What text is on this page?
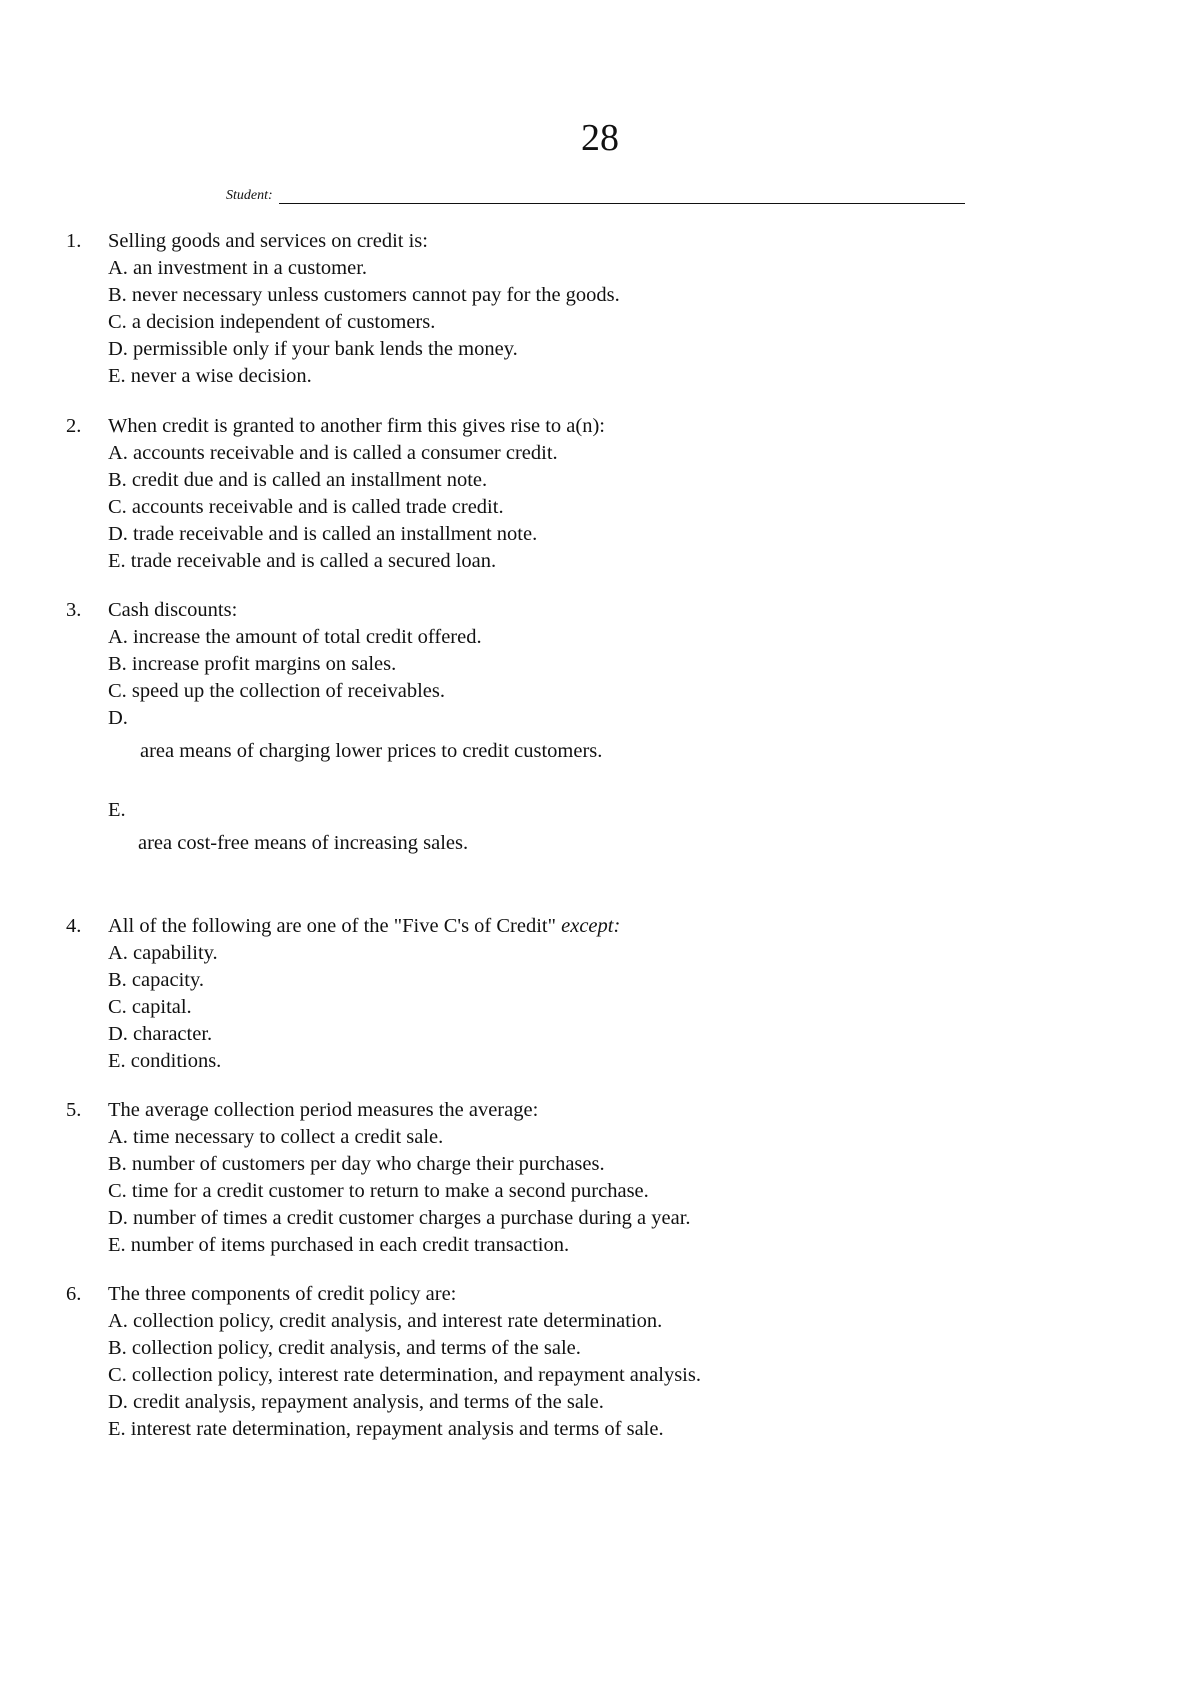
28
Student:
1.	Selling goods and services on credit is:
A. an investment in a customer.
B. never necessary unless customers cannot pay for the goods.
C. a decision independent of customers.
D. permissible only if your bank lends the money.
E. never a wise decision.
2.	When credit is granted to another firm this gives rise to a(n):
A. accounts receivable and is called a consumer credit.
B. credit due and is called an installment note.
C. accounts receivable and is called trade credit.
D. trade receivable and is called an installment note.
E. trade receivable and is called a secured loan.
3.	Cash discounts:
A. increase the amount of total credit offered.
B. increase profit margins on sales.
C. speed up the collection of receivables.
D.
area means of charging lower prices to credit customers.
E.
area cost-free means of increasing sales.
4.	All of the following are one of the "Five C's of Credit" except:
A. capability.
B. capacity.
C. capital.
D. character.
E. conditions.
5.	The average collection period measures the average:
A. time necessary to collect a credit sale.
B. number of customers per day who charge their purchases.
C. time for a credit customer to return to make a second purchase.
D. number of times a credit customer charges a purchase during a year.
E. number of items purchased in each credit transaction.
6.	The three components of credit policy are:
A. collection policy, credit analysis, and interest rate determination.
B. collection policy, credit analysis, and terms of the sale.
C. collection policy, interest rate determination, and repayment analysis.
D. credit analysis, repayment analysis, and terms of the sale.
E. interest rate determination, repayment analysis and terms of sale.
